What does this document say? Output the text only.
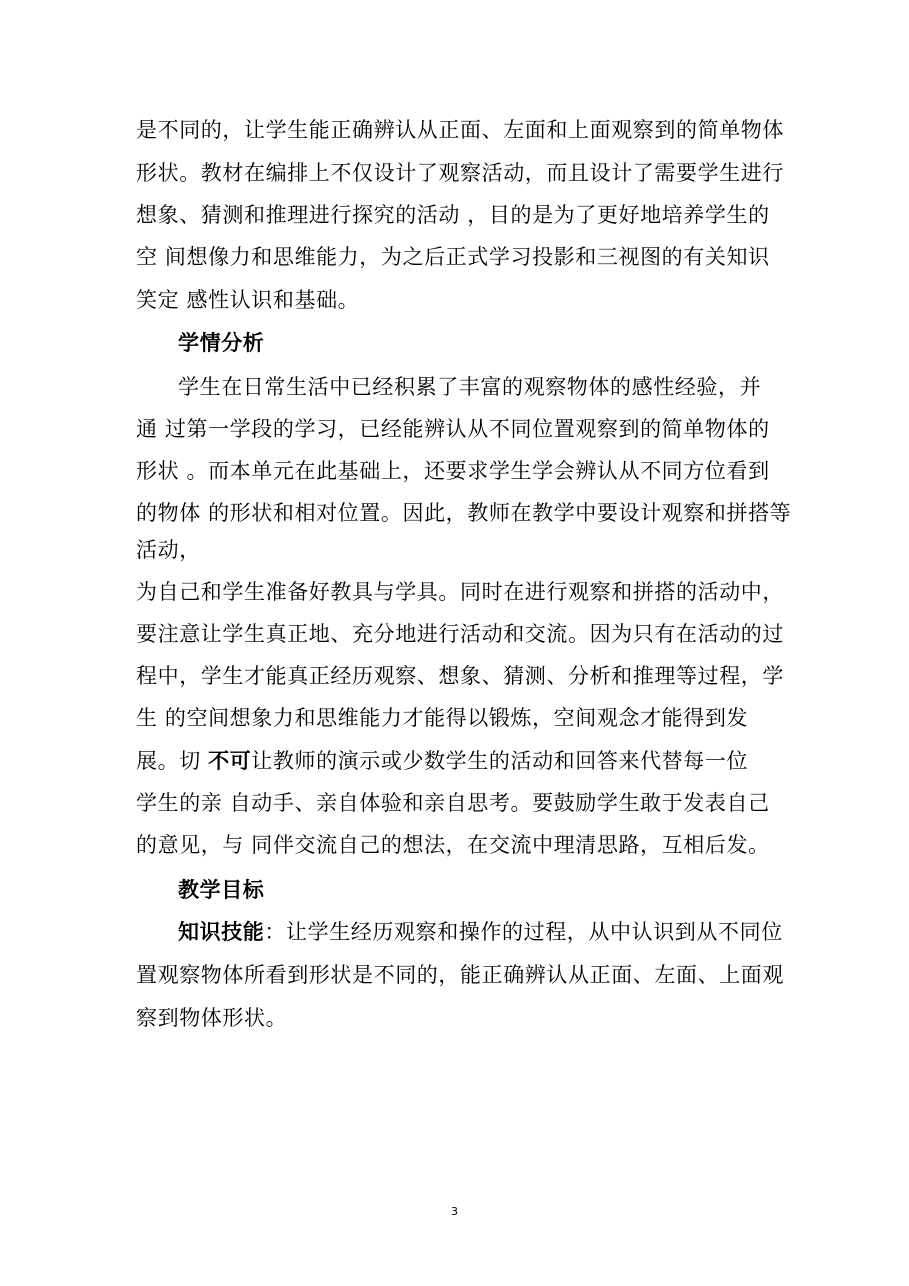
是不同的，让学生能正确辨认从正面、左面和上面观察到的简单物体
形状。教材在编排上不仅设计了观察活动，而且设计了需要学生进行
想象、猜测和推理进行探究的活动 ，目的是为了更好地培养学生的
空 间想像力和思维能力，为之后正式学习投影和三视图的有关知识
笑定 感性认识和基础。
学情分析
学生在日常生活中已经积累了丰富的观察物体的感性经验，并
通 过第一学段的学习，已经能辨认从不同位置观察到的简单物体的
形状 。而本单元在此基础上，还要求学生学会辨认从不同方位看到
的物体 的形状和相对位置。因此，教师在教学中要设计观察和拼搭等
活动，
为自己和学生准备好教具与学具。同时在进行观察和拼搭的活动中，
要注意让学生真正地、充分地进行活动和交流。因为只有在活动的过
程中，学生才能真正经历观察、想象、猜测、分析和推理等过程，学
生 的空间想象力和思维能力才能得以锻炼，空间观念才能得到发
展。切 不可让教师的演示或少数学生的活动和回答来代替每一位
学生的亲 自动手、亲自体验和亲自思考。要鼓励学生敢于发表自己
的意见，与 同伴交流自己的想法，在交流中理清思路，互相后发。
教学目标
知识技能：让学生经历观察和操作的过程，从中认识到从不同位
置观察物体所看到形状是不同的，能正确辨认从正面、左面、上面观
察到物体形状。
3
